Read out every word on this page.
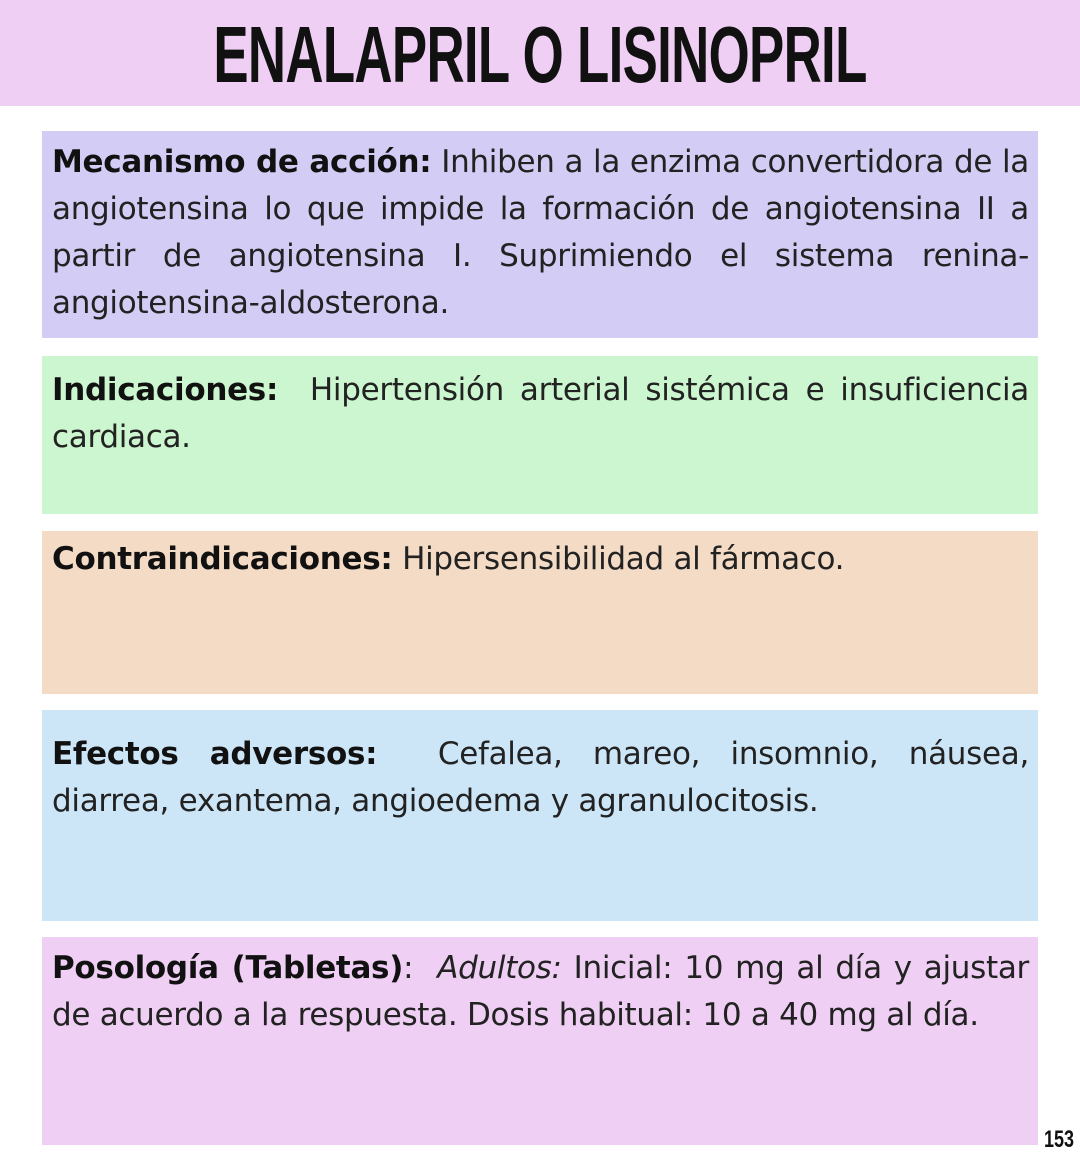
ENALAPRIL O LISINOPRIL

Mecanismo de acción: Inhiben a la enzima convertidora de la angiotensina lo que impide la formación de angiotensina II a partir de angiotensina I. Suprimiendo el sistema renina-angiotensina-aldosterona.

Indicaciones: Hipertensión arterial sistémica e insuficiencia cardiaca.

Contraindicaciones: Hipersensibilidad al fármaco.

Efectos adversos: Cefalea, mareo, insomnio, náusea, diarrea, exantema, angioedema y agranulocitosis.

Posología (Tabletas): Adultos: Inicial: 10 mg al día y ajustar de acuerdo a la respuesta. Dosis habitual: 10 a 40 mg al día.

153
